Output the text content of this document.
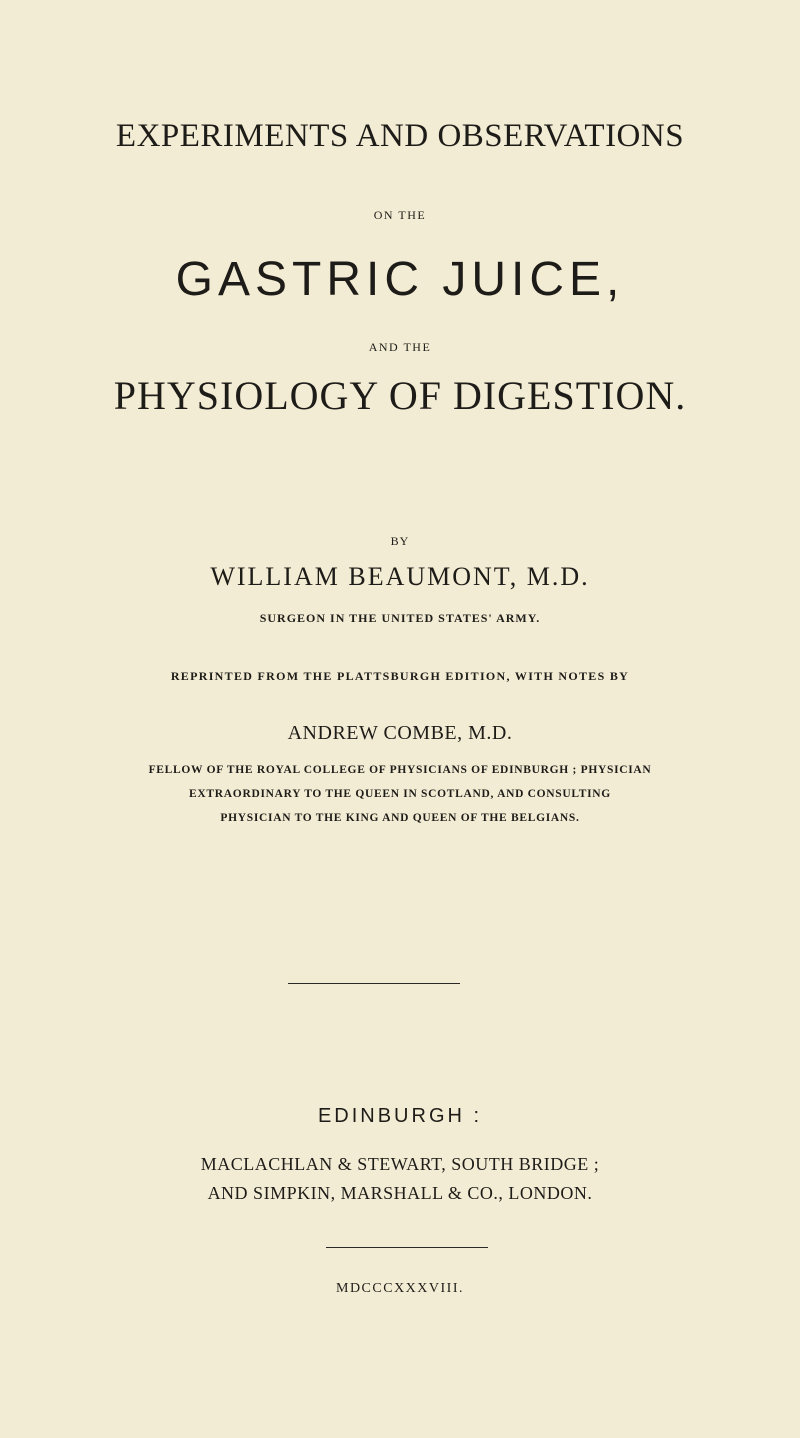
EXPERIMENTS AND OBSERVATIONS
ON THE
GASTRIC JUICE,
AND THE
PHYSIOLOGY OF DIGESTION.
BY
WILLIAM BEAUMONT, M.D.
SURGEON IN THE UNITED STATES' ARMY.
REPRINTED FROM THE PLATTSBURGH EDITION, WITH NOTES BY
ANDREW COMBE, M.D.
FELLOW OF THE ROYAL COLLEGE OF PHYSICIANS OF EDINBURGH ; PHYSICIAN
EXTRAORDINARY TO THE QUEEN IN SCOTLAND, AND CONSULTING
PHYSICIAN TO THE KING AND QUEEN OF THE BELGIANS.
EDINBURGH :
MACLACHLAN & STEWART, SOUTH BRIDGE ;
AND SIMPKIN, MARSHALL & CO., LONDON.
MDCCCXXXVIII.
